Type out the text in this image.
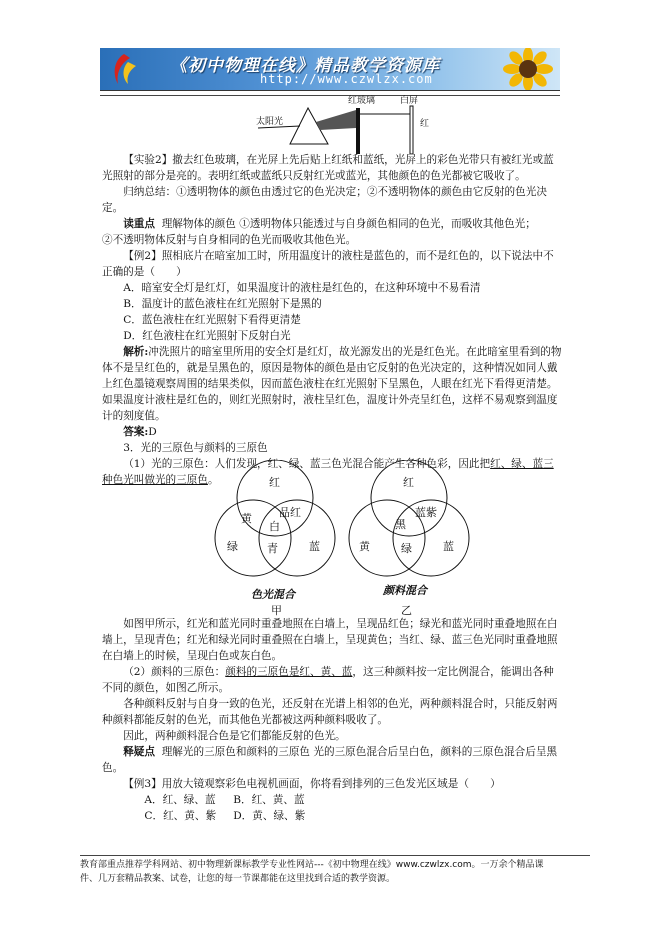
《初中物理在线》精品教学资源库
http://www.czwlzx.com
红玻璃	白屏
太阳光	红

【实验2】撤去红色玻璃，在光屏上先后贴上红纸和蓝纸，光屏上的彩色光带只有被红光或蓝光照射的部分是亮的。表明红纸或蓝纸只反射红光或蓝光，其他颜色的色光都被它吸收了。

归纳总结：①透明物体的颜色由透过它的色光决定；②不透明物体的颜色由它反射的色光决定。

读重点 理解物体的颜色 ①透明物体只能透过与自身颜色相同的色光，而吸收其他色光；

②不透明物体反射与自身相同的色光而吸收其他色光。

【例2】照相底片在暗室加工时，所用温度计的液柱是蓝色的，而不是红色的，以下说法中不正确的是（　　）

A．暗室安全灯是红灯，如果温度计的液柱是红色的，在这种环境中不易看清

B．温度计的蓝色液柱在红光照射下是黑的

C．蓝色液柱在红光照射下看得更清楚

D．红色液柱在红光照射下反射白光

解析:冲洗照片的暗室里所用的安全灯是红灯，故光源发出的光是红色光。在此暗室里看到的物体不是呈红色的，就是呈黑色的，原因是物体的颜色是由它反射的色光决定的，这种情况如同人戴上红色墨镜观察周围的结果类似，因而蓝色液柱在红光照射下呈黑色，人眼在红光下看得更清楚。如果温度计液柱是红色的，则红光照射时，液柱呈红色，温度计外壳呈红色，这样不易观察到温度计的刻度值。

答案:D

3．光的三原色与颜料的三原色

（1）光的三原色：人们发现，红、绿、蓝三色光混合能产生各种色彩，因此把红、绿、蓝三种色光叫做光的三原色。	红
黄 品红
白
绿	青	蓝
色光混合
甲
红
蓝紫
黑
黄	绿	蓝
颜料混合
乙

如图甲所示，红光和蓝光同时重叠地照在白墙上，呈现品红色；绿光和蓝光同时重叠地照在白墙上，呈现青色；红光和绿光同时重叠照在白墙上，呈现黄色；当红、绿、蓝三色光同时重叠地照在白墙上的时候，呈现白色或灰白色。

（2）颜料的三原色：颜料的三原色是红、黄、蓝，这三种颜料按一定比例混合，能调出各种不同的颜色，如图乙所示。

各种颜料反射与自身一致的色光，还反射在光谱上相邻的色光，两种颜料混合时，只能反射两种颜料都能反射的色光，而其他色光都被这两种颜料吸收了。

因此，两种颜料混合色是它们都能反射的色光。

释疑点 理解光的三原色和颜料的三原色 光的三原色混合后呈白色，颜料的三原色混合后呈黑色。

【例3】用放大镜观察彩色电视机画面，你将看到排列的三色发光区域是（　　）

A．红、绿、蓝 B．红、黄、蓝

C．红、黄、紫 D．黄、绿、紫

教育部重点推荐学科网站、初中物理新课标教学专业性网站---《初中物理在线》www.czwlzx.com。一万余个精品课
件、几万套精品教案、试卷，让您的每一节课都能在这里找到合适的教学资源。
